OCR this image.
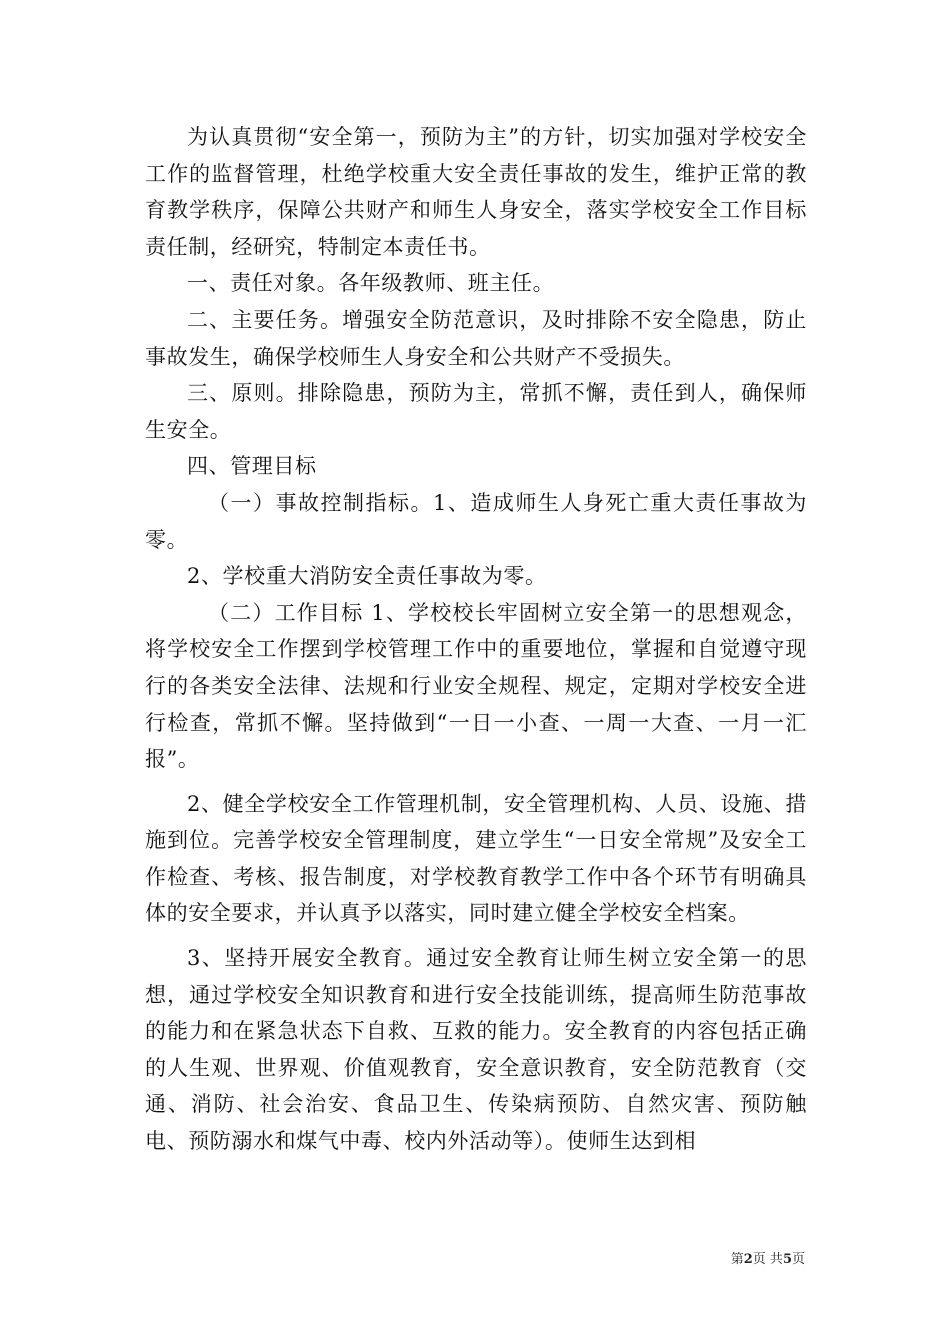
为认真贯彻“安全第一，预防为主”的方针，切实加强对学校安全工作的监督管理，杜绝学校重大安全责任事故的发生，维护正常的教育教学秩序，保障公共财产和师生人身安全，落实学校安全工作目标责任制，经研究，特制定本责任书。

一、责任对象。各年级教师、班主任。

二、主要任务。增强安全防范意识，及时排除不安全隐患，防止事故发生，确保学校师生人身安全和公共财产不受损失。

三、原则。排除隐患，预防为主，常抓不懈，责任到人，确保师生安全。

四、管理目标

（一）事故控制指标。1、造成师生人身死亡重大责任事故为零。

2、学校重大消防安全责任事故为零。

（二）工作目标 1、学校校长牢固树立安全第一的思想观念，将学校安全工作摆到学校管理工作中的重要地位，掌握和自觉遵守现行的各类安全法律、法规和行业安全规程、规定，定期对学校安全进行检查，常抓不懈。坚持做到“一日一小查、一周一大查、一月一汇报”。

2、健全学校安全工作管理机制，安全管理机构、人员、设施、措施到位。完善学校安全管理制度，建立学生“一日安全常规”及安全工作检查、考核、报告制度，对学校教育教学工作中各个环节有明确具体的安全要求，并认真予以落实，同时建立健全学校安全档案。

3、坚持开展安全教育。通过安全教育让师生树立安全第一的思想，通过学校安全知识教育和进行安全技能训练，提高师生防范事故的能力和在紧急状态下自救、互救的能力。安全教育的内容包括正确的人生观、世界观、价值观教育，安全意识教育，安全防范教育（交通、消防、社会治安、食品卫生、传染病预防、自然灾害、预防触电、预防溺水和煤气中毒、校内外活动等）。使师生达到相

第2页 共5页
